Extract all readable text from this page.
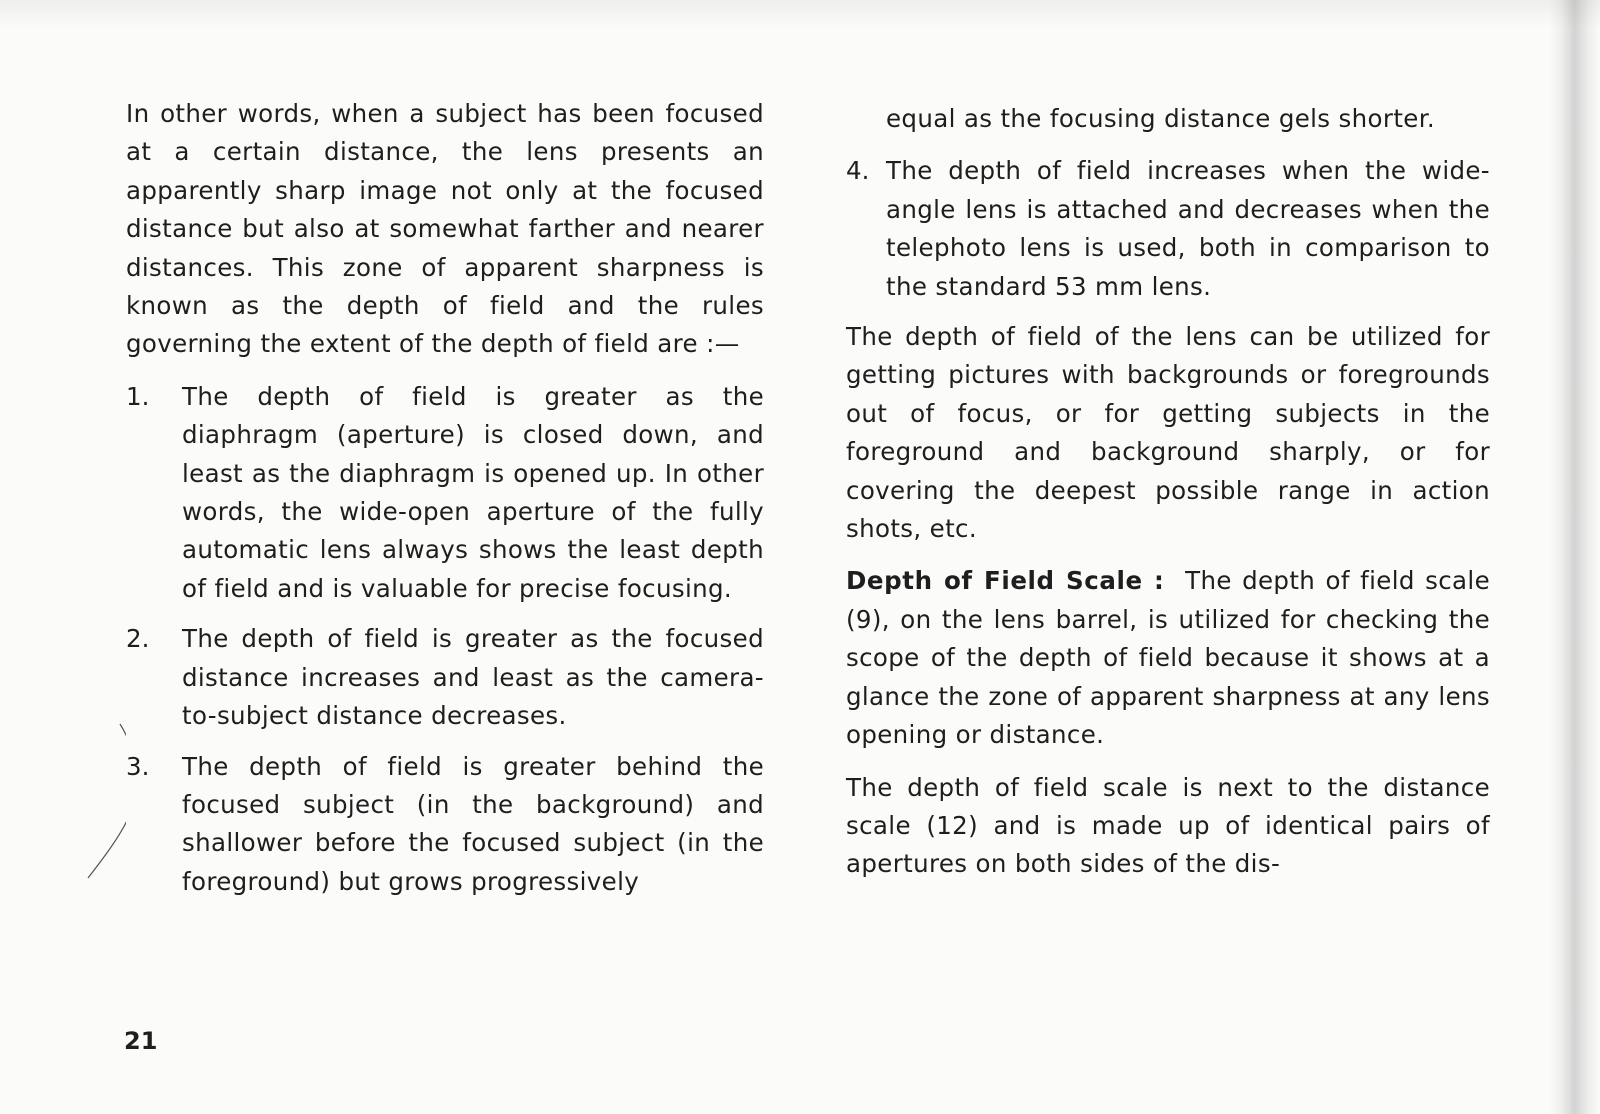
In other words, when a subject has been focused at a certain distance, the lens presents an apparently sharp image not only at the focused distance but also at somewhat farther and nearer distances. This zone of apparent sharpness is known as the depth of field and the rules governing the extent of the depth of field are :—

1.	The depth of field is greater as the diaphragm (aperture) is closed down, and least as the diaphragm is opened up. In other words, the wide-open aperture of the fully automatic lens always shows the least depth of field and is valuable for precise focusing.

2.	The depth of field is greater as the focused distance increases and least as the camera-to-subject distance decreases.

3.	The depth of field is greater behind the focused subject (in the background) and shallower before the focused subject (in the foreground) but grows progressively

equal as the focusing distance gels shorter.

4. The depth of field increases when the wide-angle lens is attached and decreases when the telephoto lens is used, both in comparison to the standard 53 mm lens.

The depth of field of the lens can be utilized for getting pictures with backgrounds or foregrounds out of focus, or for getting subjects in the foreground and background sharply, or for covering the deepest possible range in action shots, etc.

Depth of Field Scale : The depth of field scale (9), on the lens barrel, is utilized for checking the scope of the depth of field because it shows at a glance the zone of apparent sharpness at any lens opening or distance.

The depth of field scale is next to the distance scale (12) and is made up of identical pairs of apertures on both sides of the dis-

21
